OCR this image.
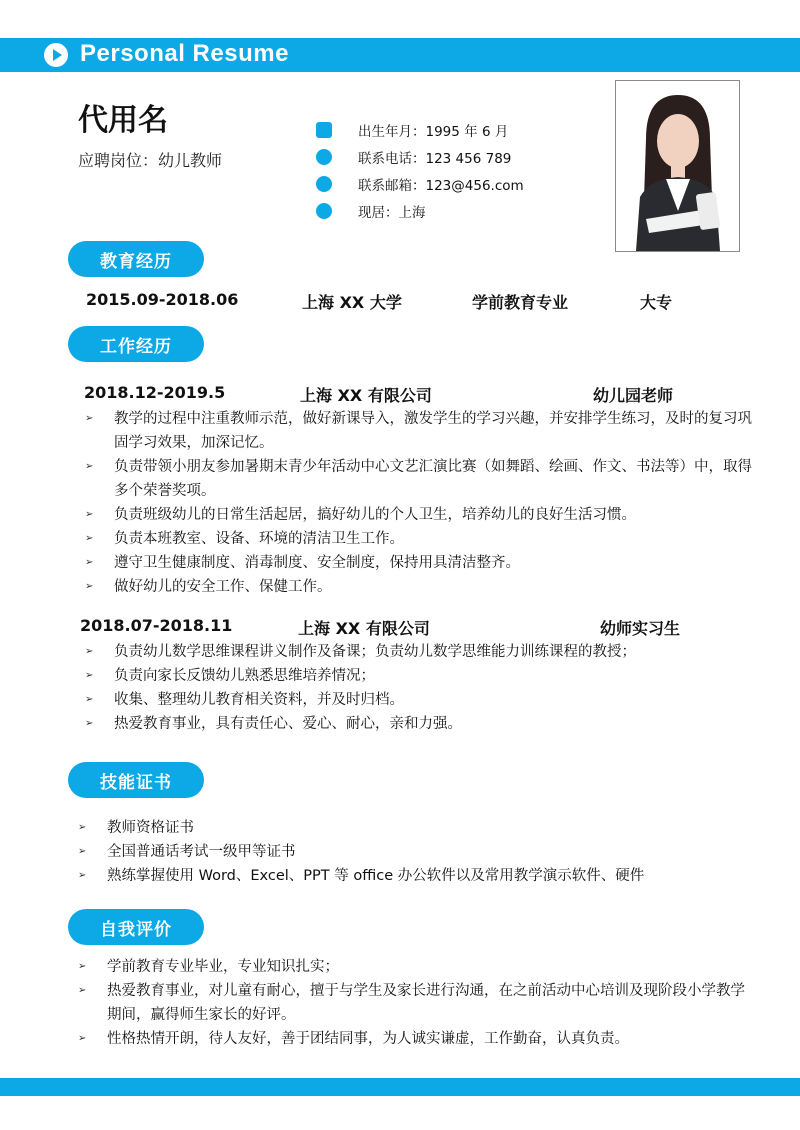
Personal Resume
代用名
应聘岗位：幼儿教师
出生年月：1995 年 6 月
联系电话：123 456 789
联系邮箱：123@456.com
现居：上海
教育经历
2015.09-2018.06	上海 XX 大学	学前教育专业	大专
工作经历
2018.12-2019.5	上海 XX 有限公司	幼儿园老师
➢ 教学的过程中注重教师示范，做好新课导入，激发学生的学习兴趣，并安排学生练习，及时的复习巩固学习效果，加深记忆。
➢ 负责带领小朋友参加暑期末青少年活动中心文艺汇演比赛（如舞蹈、绘画、作文、书法等）中，取得多个荣誉奖项。
➢ 负责班级幼儿的日常生活起居，搞好幼儿的个人卫生，培养幼儿的良好生活习惯。
➢ 负责本班教室、设备、环境的清洁卫生工作。
➢ 遵守卫生健康制度、消毒制度、安全制度，保持用具清洁整齐。
➢ 做好幼儿的安全工作、保健工作。
2018.07-2018.11	上海 XX 有限公司	幼师实习生
➢ 负责幼儿数学思维课程讲义制作及备课；负责幼儿数学思维能力训练课程的教授；
➢ 负责向家长反馈幼儿熟悉思维培养情况；
➢ 收集、整理幼儿教育相关资料，并及时归档。
➢ 热爱教育事业，具有责任心、爱心、耐心，亲和力强。
技能证书
➢ 教师资格证书
➢ 全国普通话考试一级甲等证书
➢ 熟练掌握使用 Word、Excel、PPT 等 office 办公软件以及常用教学演示软件、硬件
自我评价
➢ 学前教育专业毕业，专业知识扎实；
➢ 热爱教育事业，对儿童有耐心，擅于与学生及家长进行沟通，在之前活动中心培训及现阶段小学教学期间，赢得师生家长的好评。
➢ 性格热情开朗，待人友好，善于团结同事，为人诚实谦虚，工作勤奋，认真负责。
